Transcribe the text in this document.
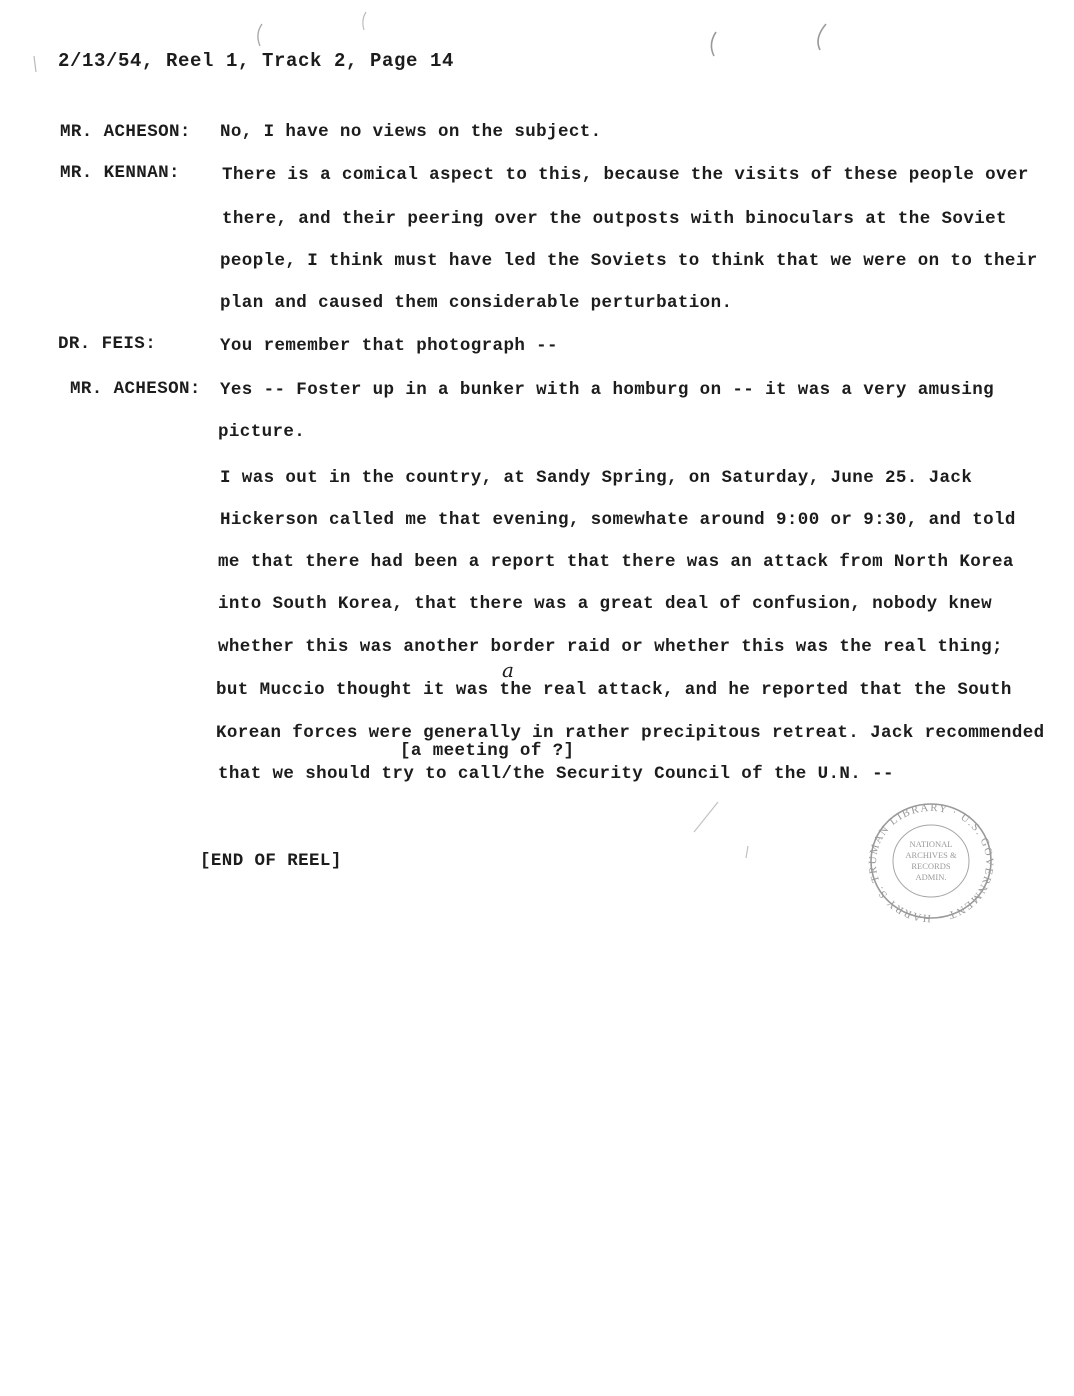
2/13/54, Reel 1, Track 2, Page 14
MR. ACHESON: No, I have no views on the subject.
MR. KENNAN: There is a comical aspect to this, because the visits of these people over
there, and their peering over the outposts with binoculars at the Soviet
people, I think must have led the Soviets to think that we were on to their
plan and caused them considerable perturbation.
DR. FEIS:	You remember that photograph --
MR. ACHESON: Yes -- Foster up in a bunker with a homburg on -- it was a very amusing
picture.
I was out in the country, at Sandy Spring, on Saturday, June 25. Jack
Hickerson called me that evening, somewhate around 9:00 or 9:30, and told
me that there had been a report that there was an attack from North Korea
into South Korea, that there was a great deal of confusion, nobody knew
whether this was another border raid or whether this was the real thing;
but Muccio thought it was the real attack, and he reported that the South
a
Korean forces were generally in rather precipitous retreat. Jack recommended
[a meeting of ?]
that we should try to call/the Security Council of the U.N. --
[END OF REEL]
HARRY S. TRUMAN LIBRARY · U.S. GOVERNMENT
NATIONAL
ARCHIVES &
RECORDS
ADMIN.
